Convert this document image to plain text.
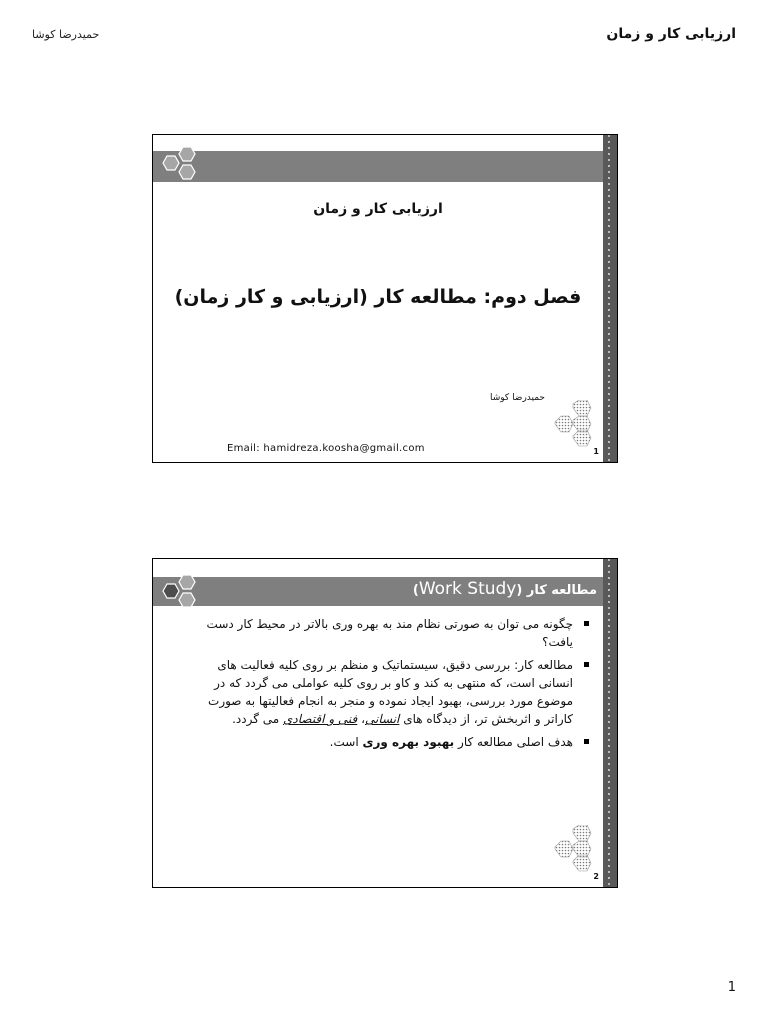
ارزیابی کار و زمان
حمیدرضا کوشا
ارزیابی کار و زمان
فصل دوم: مطالعه کار (ارزیابی و کار زمان)
حمیدرضا کوشا
Email: hamidreza.koosha@gmail.com	1
مطالعه کار (Work Study)
چگونه می توان به صورتی نظام مند به بهره وری بالاتر در محیط کار دست یافت؟
مطالعه کار: بررسی دقیق، سیستماتیک و منظم بر روی کلیه فعالیت های انسانی است، که منتهی به کند و کاو بر روی کلیه عواملی می گردد که در موضوع مورد بررسی، بهبود ایجاد نموده و منجر به انجام فعالیتها به صورت کاراتر و اثربخش تر، از دیدگاه های انسانی، فنی و اقتصادی می گردد.
هدف اصلی مطالعه کار بهبود بهره وری است.
2
1
